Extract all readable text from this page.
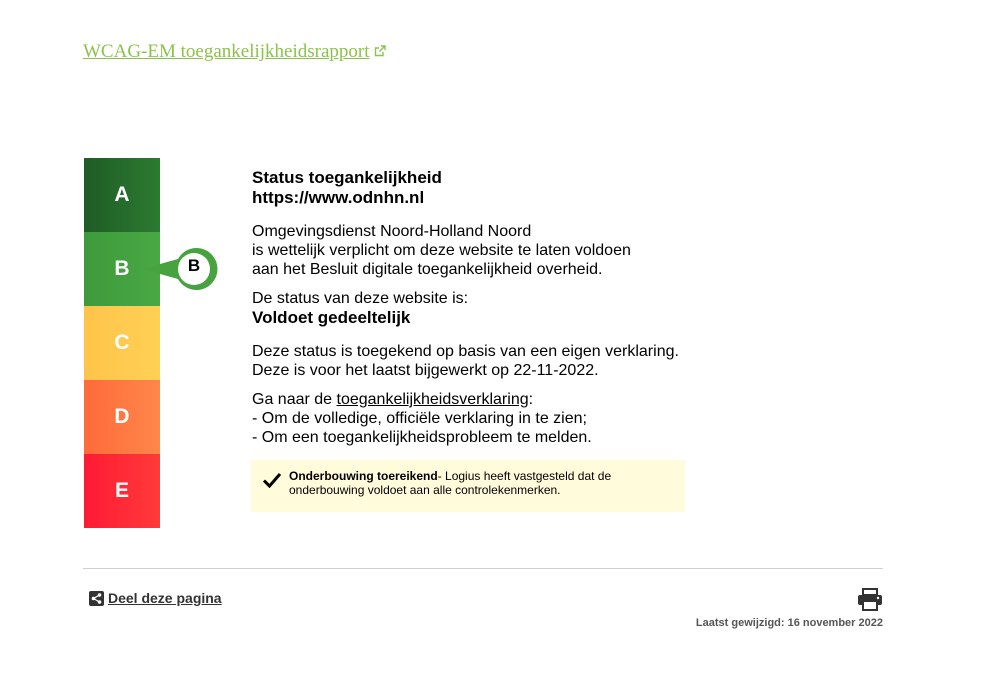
WCAG-EM toegankelijkheidsrapport
A
B
C
D
E
B

Status toegankelijkheid

https://www.odnhn.nl

Omgevingsdienst Noord-Holland Noord

is wettelijk verplicht om deze website te laten voldoen

aan het Besluit digitale toegankelijkheid overheid.

De status van deze website is:

Voldoet gedeeltelijk

Deze status is toegekend op basis van een eigen verklaring.

Deze is voor het laatst bijgewerkt op 22-11-2022.

Ga naar de toegankelijkheidsverklaring:

- Om de volledige, officiële verklaring in te zien;

- Om een toegankelijkheidsprobleem te melden.

Onderbouwing toereikend- Logius heeft vastgesteld dat de onderbouwing voldoet aan alle controlekenmerken.
Deel deze pagina
Laatst gewijzigd: 16 november 2022
